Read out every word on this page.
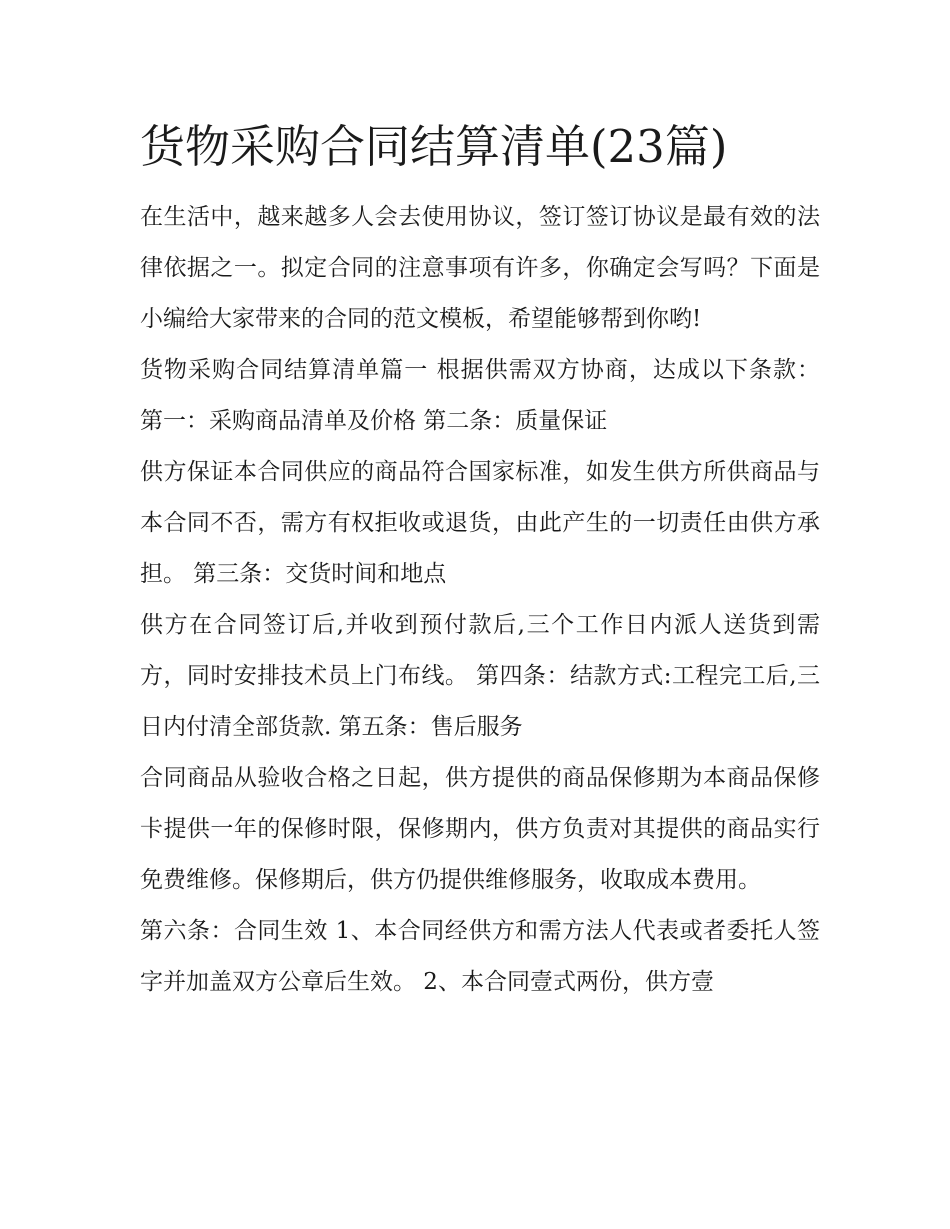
货物采购合同结算清单(23篇)

在生活中，越来越多人会去使用协议，签订签订协议是最有效的法律依据之一。拟定合同的注意事项有许多，你确定会写吗？下面是小编给大家带来的合同的范文模板，希望能够帮到你哟!

货物采购合同结算清单篇一 根据供需双方协商，达成以下条款： 第一：采购商品清单及价格 第二条：质量保证

供方保证本合同供应的商品符合国家标准，如发生供方所供商品与本合同不否，需方有权拒收或退货，由此产生的一切责任由供方承担。 第三条：交货时间和地点

供方在合同签订后,并收到预付款后,三个工作日内派人送货到需方，同时安排技术员上门布线。 第四条：结款方式:工程完工后,三日内付清全部货款. 第五条：售后服务

合同商品从验收合格之日起，供方提供的商品保修期为本商品保修卡提供一年的保修时限，保修期内，供方负责对其提供的商品实行免费维修。保修期后，供方仍提供维修服务，收取成本费用。

第六条：合同生效 1、本合同经供方和需方法人代表或者委托人签字并加盖双方公章后生效。 2、本合同壹式两份，供方壹
